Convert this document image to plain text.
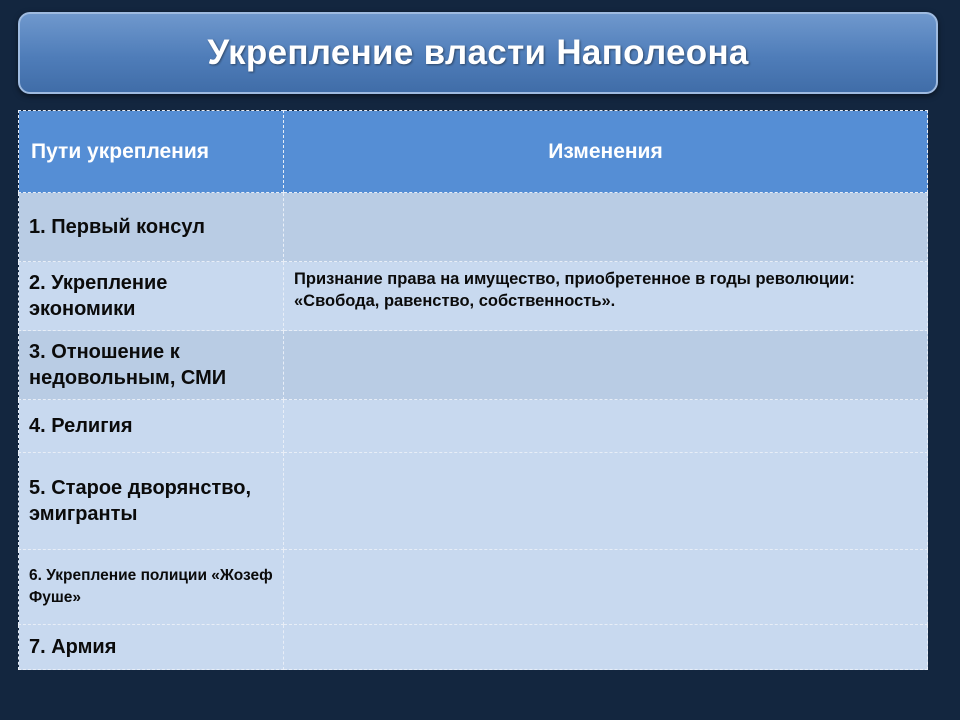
Укрепление власти Наполеона
Пути укрепления	Изменения
1. Первый консул	
2. Укрепление экономики	Признание права на имущество, приобретенное в годы революции: «Свобода, равенство, собственность».
3. Отношение к недовольным, СМИ	
4. Религия	
5. Старое дворянство, эмигранты	
6. Укрепление полиции «Жозеф Фуше»	
7. Армия	
